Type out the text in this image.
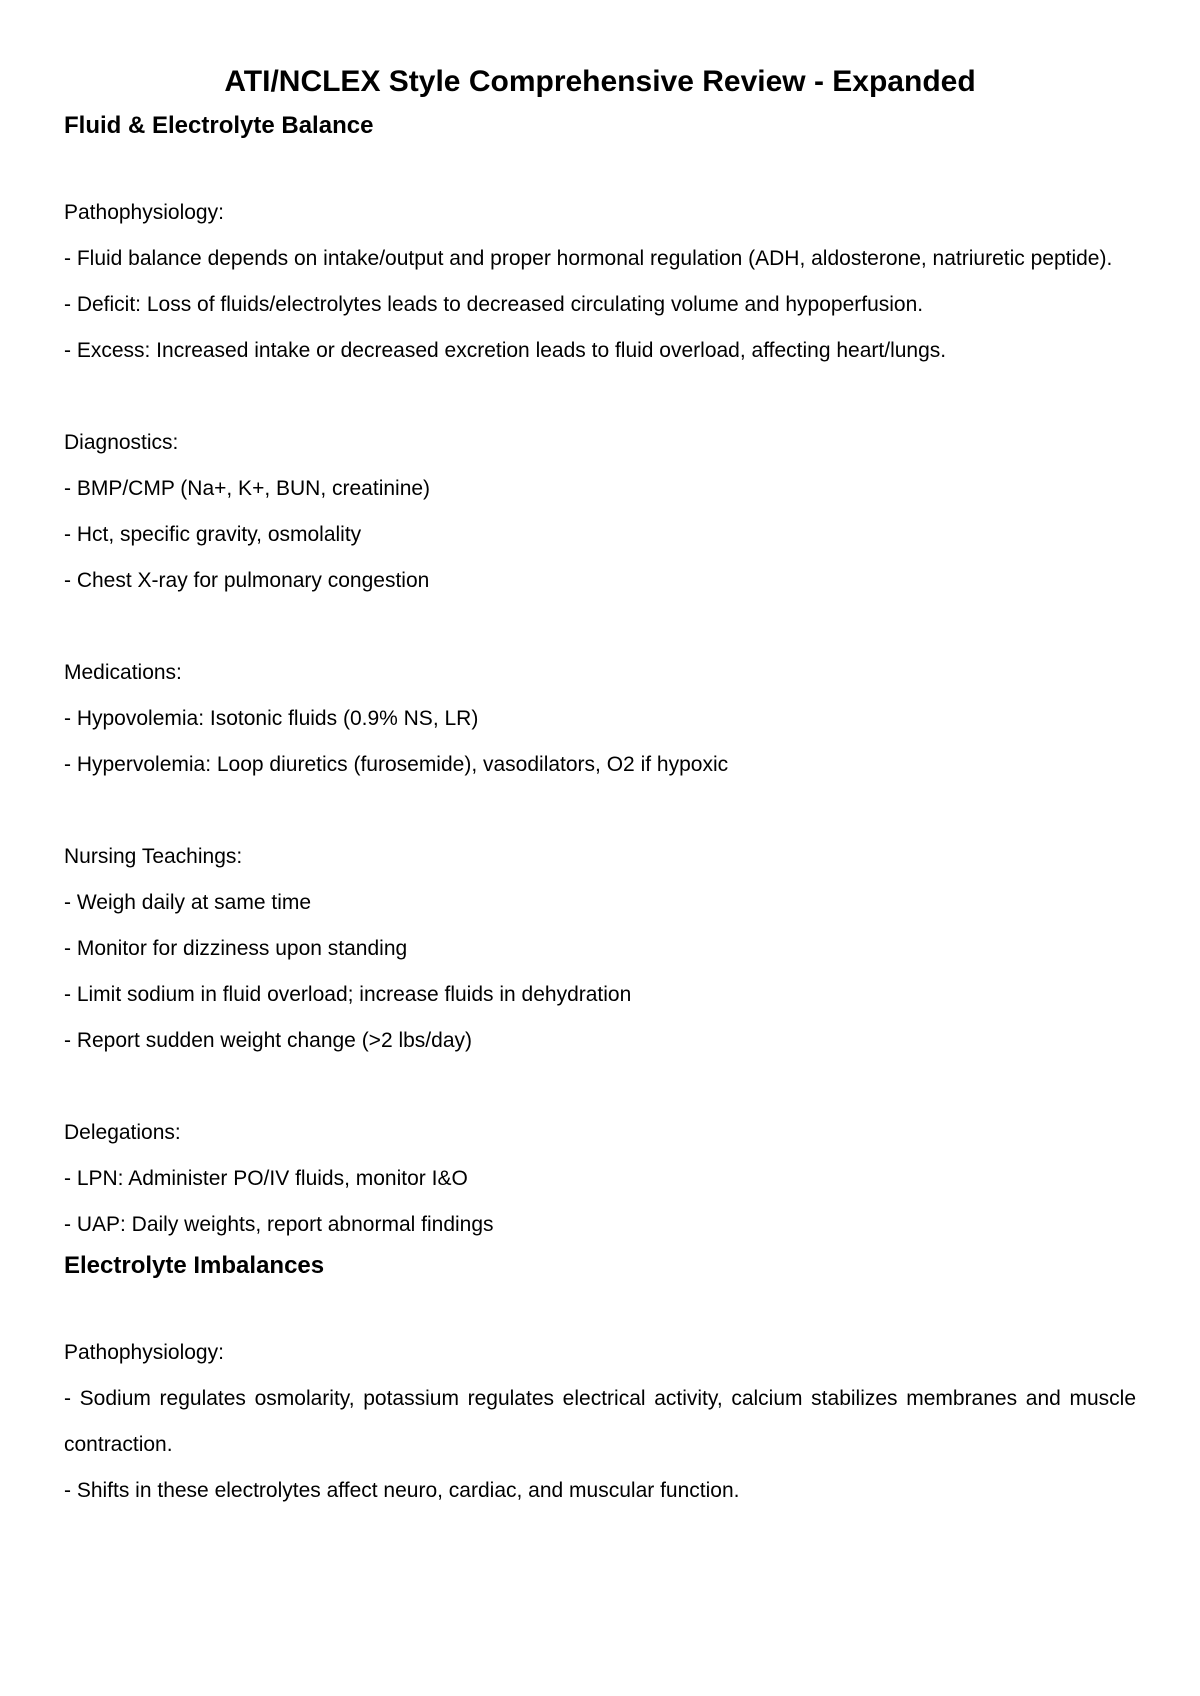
ATI/NCLEX Style Comprehensive Review - Expanded
Fluid & Electrolyte Balance
Pathophysiology:
- Fluid balance depends on intake/output and proper hormonal regulation (ADH, aldosterone, natriuretic peptide).
- Deficit: Loss of fluids/electrolytes leads to decreased circulating volume and hypoperfusion.
- Excess: Increased intake or decreased excretion leads to fluid overload, affecting heart/lungs.
Diagnostics:
- BMP/CMP (Na+, K+, BUN, creatinine)
- Hct, specific gravity, osmolality
- Chest X-ray for pulmonary congestion
Medications:
- Hypovolemia: Isotonic fluids (0.9% NS, LR)
- Hypervolemia: Loop diuretics (furosemide), vasodilators, O2 if hypoxic
Nursing Teachings:
- Weigh daily at same time
- Monitor for dizziness upon standing
- Limit sodium in fluid overload; increase fluids in dehydration
- Report sudden weight change (>2 lbs/day)
Delegations:
- LPN: Administer PO/IV fluids, monitor I&O
- UAP: Daily weights, report abnormal findings
Electrolyte Imbalances
Pathophysiology:
- Sodium regulates osmolarity, potassium regulates electrical activity, calcium stabilizes membranes and muscle contraction.
- Shifts in these electrolytes affect neuro, cardiac, and muscular function.
